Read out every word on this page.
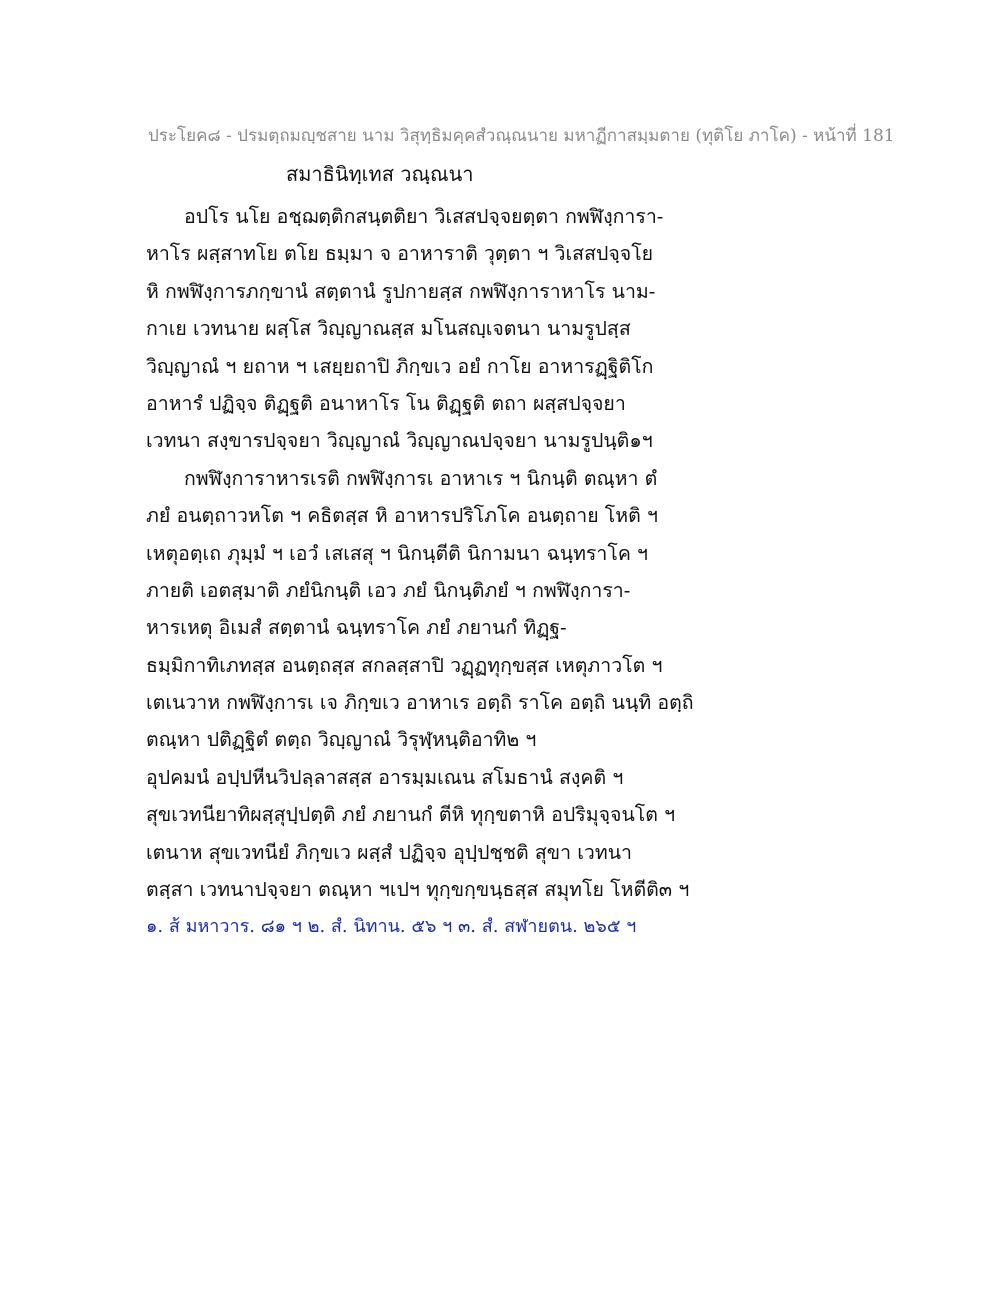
ประโยค๘ - ปรมตฺถมญฺชสาย นาม วิสุทฺธิมคฺคสํวณฺณนาย มหาฏีกาสมฺมตาย (ทุติโย ภาโค) - หน้าที่ 181
สมาธินิทฺเทส วณฺณนา
อปโร นโย อชฺฌตฺติกสนฺตติยา วิเสสปจฺจยตฺตา กพฬิงฺการา-
หาโร ผสฺสาทโย ตโย ธมฺมา จ อาหาราติ วุตฺตา ฯ วิเสสปจฺจโย
หิ กพฬิงฺการภกฺขานํ สตฺตานํ รูปกายสฺส กพฬิงฺการาหาโร นาม-
กาเย เวทนาย ผสฺโส วิญฺญาณสฺส มโนสญฺเจตนา นามรูปสฺส
วิญฺญาณํ ฯ ยถาห ฯ เสยฺยถาปิ ภิกฺขเว อยํ กาโย อาหารฏฺฐิติโก
อาหารํ ปฏิจฺจ ติฏฺฐติ อนาหาโร โน ติฏฺฐติ ตถา ผสฺสปจฺจยา
เวทนา สงฺขารปจฺจยา วิญฺญาณํ วิญฺญาณปจฺจยา นามรูปนฺติ๑ฯ
กพฬิงฺการาหารเรติ กพฬิงฺการเ อาหาเร ฯ นิกนฺติ ตณฺหา ตํ
ภยํ อนตฺถาวหโต ฯ คธิตสฺส หิ อาหารปริโภโค อนตฺถาย โหติ ฯ
เหตุอตฺเถ ภุมฺมํ ฯ เอวํ เสเสสุ ฯ นิกนฺตีติ นิกามนา ฉนฺทราโค ฯ
ภายติ เอตสฺมาติ ภยํนิกนฺติ เอว ภยํ นิกนฺติภยํ ฯ กพฬิงฺการา-
หารเหตุ อิเมสํ สตฺตานํ ฉนฺทราโค ภยํ ภยานกํ ทิฏฺฐ-
ธมฺมิกาทิเภทสฺส อนตฺถสฺส สกลสฺสาปิ วฏฺฏทุกฺขสฺส เหตุภาวโต ฯ
เตเนวาห กพฬิงฺการเ เจ ภิกฺขเว อาหาเร อตฺถิ ราโค อตฺถิ นนฺทิ อตฺถิ
ตณฺหา ปติฏฺฐิตํ ตตฺถ วิญฺญาณํ วิรุฬฺหนฺติอาทิ๒ ฯ
อุปคมนํ อปฺปหีนวิปลฺลาสสฺส อารมฺมเณน สโมธานํ สงฺคติ ฯ
สุขเวทนียาทิผสฺสุปฺปตฺติ ภยํ ภยานกํ ตีหิ ทุกฺขตาหิ อปริมุจฺจนโต ฯ
เตนาห สุขเวทนียํ ภิกฺขเว ผสฺสํ ปฏิจฺจ อุปฺปชฺชติ สุขา เวทนา
ตสฺสา เวทนาปจฺจยา ตณฺหา ฯเปฯ ทุกฺขกฺขนฺธสฺส สมุทโย โหตีติ๓ ฯ
๑. ส้ มหาวาร. ๘๑ ฯ ๒. สํ. นิทาน. ๕๖ ฯ ๓. สํ. สฬายตน. ๒๖๕ ฯ
